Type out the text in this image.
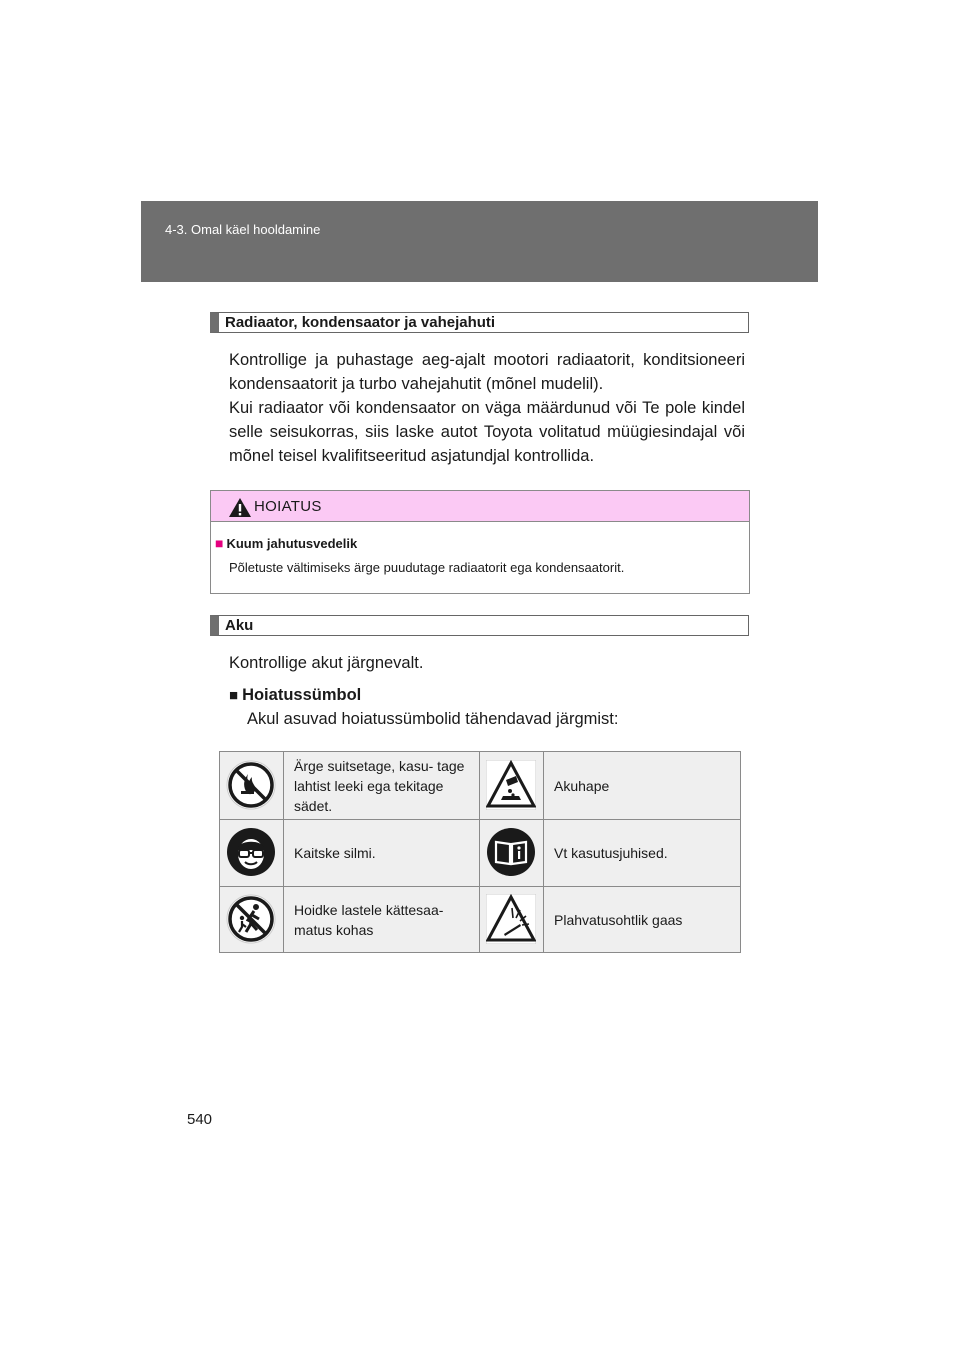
4-3. Omal käel hooldamine
Radiaator, kondensaator ja vahejahuti

Kontrollige ja puhastage aeg-ajalt mootori radiaatorit, konditsioneeri kondensaatorit ja turbo vahejahutit (mõnel mudelil).

Kui radiaator või kondensaator on väga määrdunud või Te pole kindel selle seisukorras, siis laske autot Toyota volitatud müügiesindajal või mõnel teisel kvalifitseeritud asjatundjal kontrollida.

HOIATUS
■ Kuum jahutusvedelik
Põletuste vältimiseks ärge puudutage radiaatorit ega kondensaatorit.
Aku
Kontrollige akut järgnevalt.
■ Hoiatussümbol
Akul asuvad hoiatussümbolid tähendavad järgmist:
Ärge suitsetage, kasu- tage lahtist leeki ega tekitage sädet.
Akuhape
Kaitske silmi.	Vt kasutusjuhised.
Hoidke lastele kättesaa- matus kohas
Plahvatusohtlik gaas
540
